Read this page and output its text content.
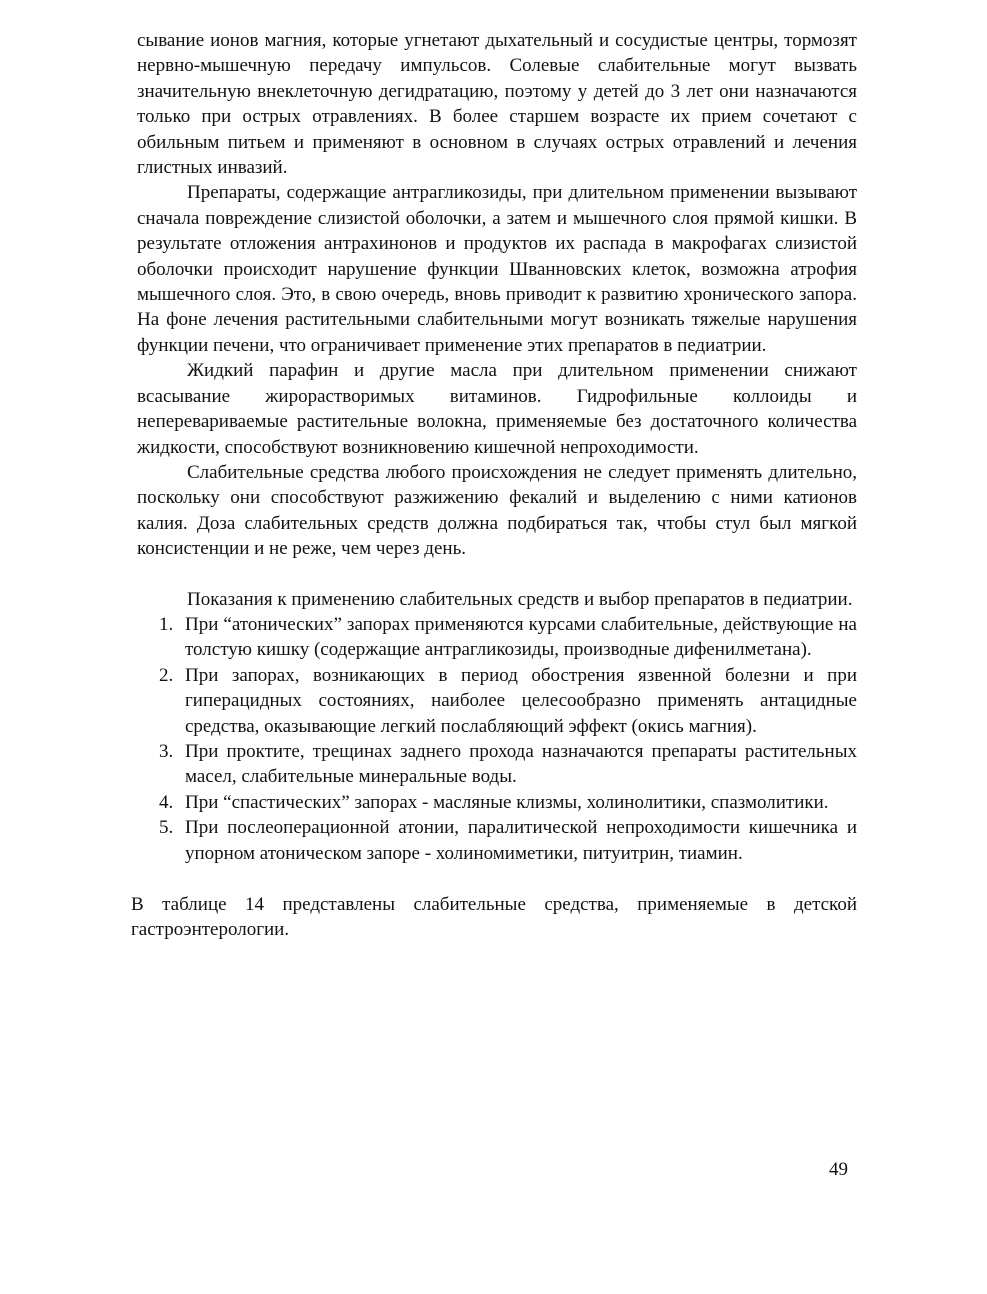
сывание ионов магния, которые угнетают дыхательный и сосудистые центры, тормозят нервно-мышечную передачу импульсов. Солевые слабительные могут вызвать значительную внеклеточную дегидратацию, поэтому у детей до 3 лет они назначаются только при острых отравлениях. В более старшем возрасте их прием сочетают с обильным питьем и применяют в основном в случаях острых отравлений и лечения глистных инвазий.

Препараты, содержащие антрагликозиды, при длительном применении вызывают сначала повреждение слизистой оболочки, а затем и мышечного слоя прямой кишки. В результате отложения антрахинонов и продуктов их распада в макрофагах слизистой оболочки происходит нарушение функции Шванновских клеток, возможна атрофия мышечного слоя. Это, в свою очередь, вновь приводит к развитию хронического запора. На фоне лечения растительными слабительными могут возникать тяжелые нарушения функции печени, что ограничивает применение этих препаратов в педиатрии.

Жидкий парафин и другие масла при длительном применении снижают всасывание жирорастворимых витаминов. Гидрофильные коллоиды и неперевариваемые растительные волокна, применяемые без достаточного количества жидкости, способствуют возникновению кишечной непроходимости.

Слабительные средства любого происхождения не следует применять длительно, поскольку они способствуют разжижению фекалий и выделению с ними катионов калия. Доза слабительных средств должна подбираться так, чтобы стул был мягкой консистенции и не реже, чем через день.

Показания к применению слабительных средств и выбор препаратов в педиатрии.

1. При “атонических” запорах применяются курсами слабительные, действующие на толстую кишку (содержащие антрагликозиды, производные дифенилметана).
2. При запорах, возникающих в период обострения язвенной болезни и при гиперацидных состояниях, наиболее целесообразно применять антацидные средства, оказывающие легкий послабляющий эффект (окись магния).
3. При проктите, трещинах заднего прохода назначаются препараты растительных масел, слабительные минеральные воды.
4. При “спастических” запорах - масляные клизмы, холинолитики, спазмолитики.
5. При послеоперационной атонии, паралитической непроходимости кишечника и упорном атоническом запоре - холиномиметики, питуитрин, тиамин.

В таблице 14 представлены слабительные средства, применяемые в детской гастроэнтерологии.

49
